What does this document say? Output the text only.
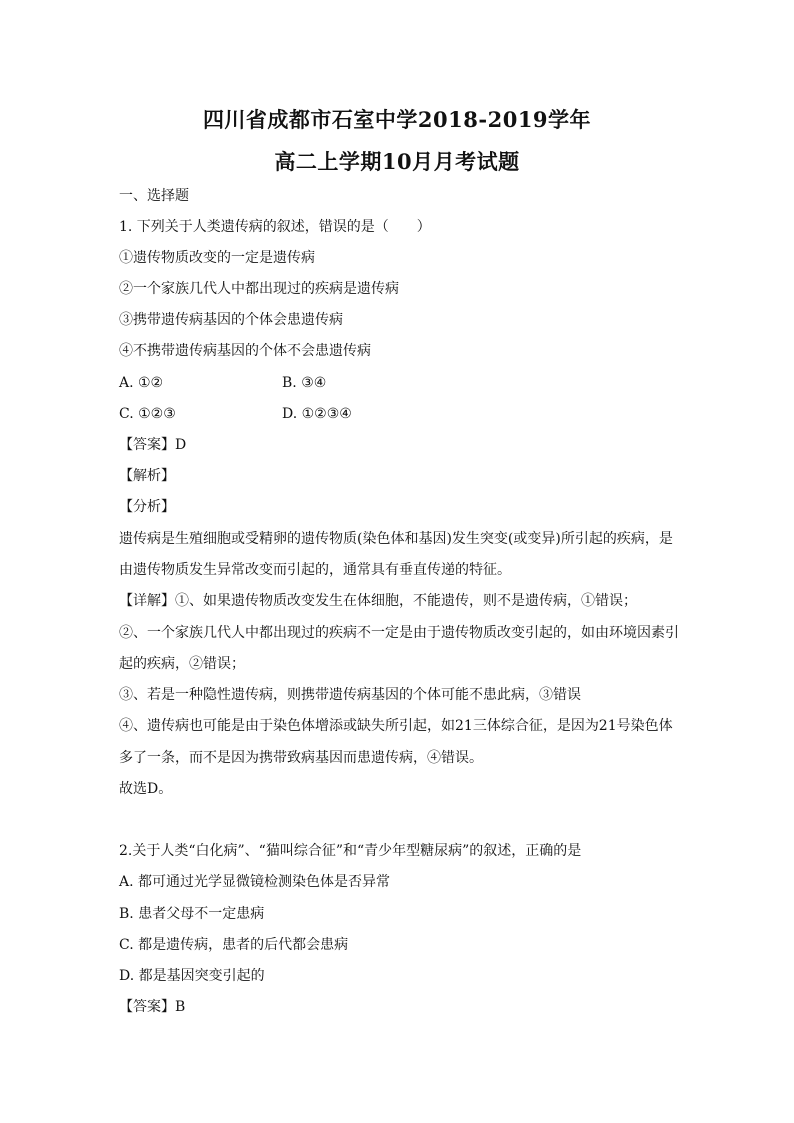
四川省成都市石室中学2018-2019学年
高二上学期10月月考试题
一、选择题
1. 下列关于人类遗传病的叙述，错误的是（　　）
①遗传物质改变的一定是遗传病
②一个家族几代人中都出现过的疾病是遗传病
③携带遗传病基因的个体会患遗传病
④不携带遗传病基因的个体不会患遗传病
A. ①②	B. ③④
C. ①②③	D. ①②③④
【答案】D
【解析】
【分析】
遗传病是生殖细胞或受精卵的遗传物质(染色体和基因)发生突变(或变异)所引起的疾病，是
由遗传物质发生异常改变而引起的，通常具有垂直传递的特征。
【详解】①、如果遗传物质改变发生在体细胞，不能遗传，则不是遗传病，①错误；
②、一个家族几代人中都出现过的疾病不一定是由于遗传物质改变引起的，如由环境因素引
起的疾病，②错误；
③、若是一种隐性遗传病，则携带遗传病基因的个体可能不患此病，③错误
④、遗传病也可能是由于染色体增添或缺失所引起，如21三体综合征，是因为21号染色体
多了一条，而不是因为携带致病基因而患遗传病，④错误。
故选D。
2.关于人类“白化病”、“猫叫综合征”和“青少年型糖尿病”的叙述，正确的是
A. 都可通过光学显微镜检测染色体是否异常
B. 患者父母不一定患病
C. 都是遗传病，患者的后代都会患病
D. 都是基因突变引起的
【答案】B
